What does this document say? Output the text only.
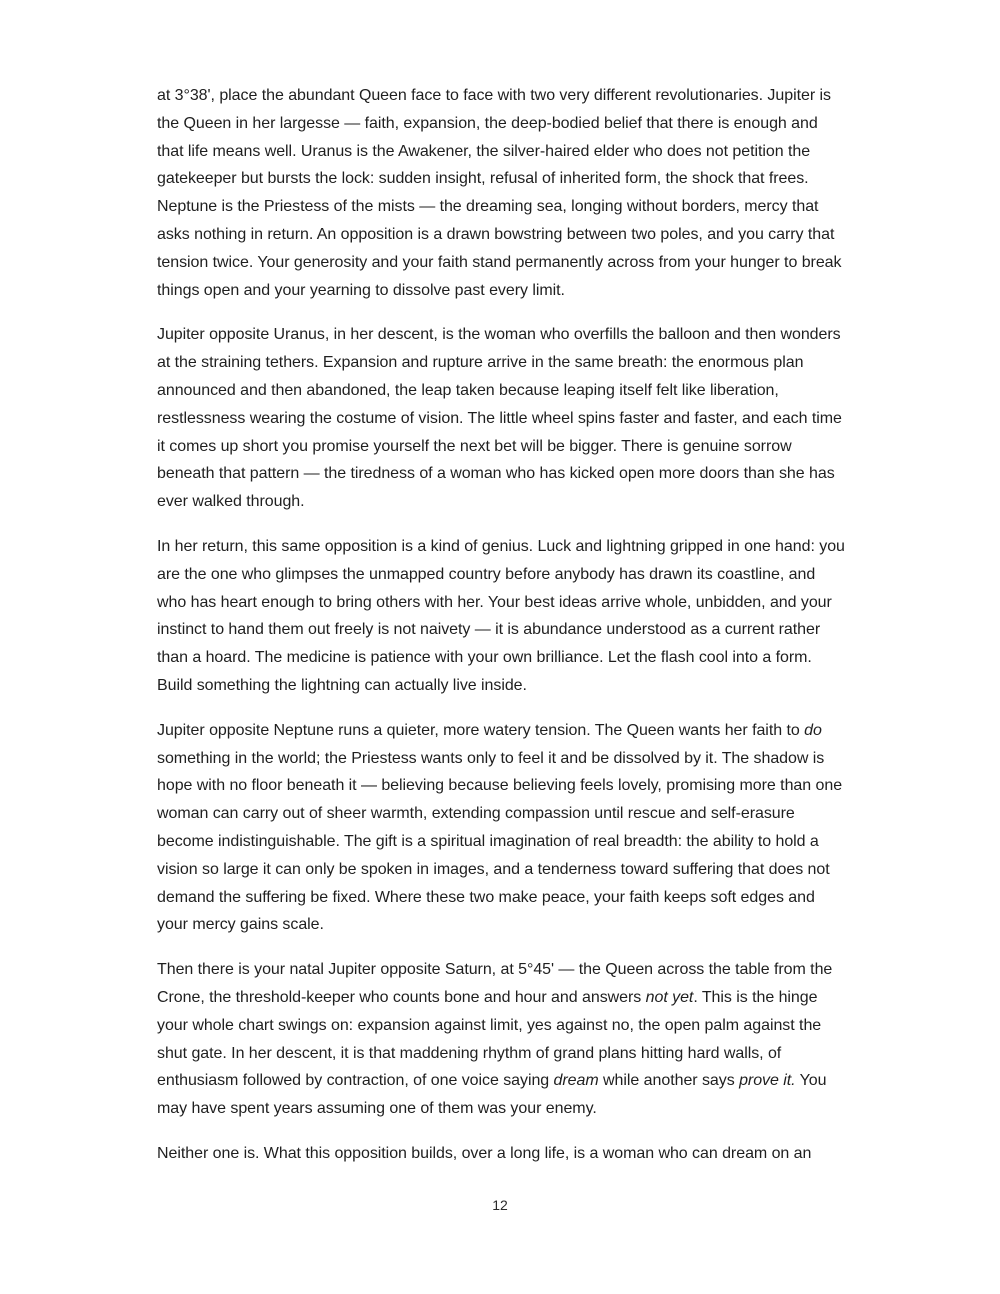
at 3°38', place the abundant Queen face to face with two very different revolutionaries. Jupiter is the Queen in her largesse — faith, expansion, the deep-bodied belief that there is enough and that life means well. Uranus is the Awakener, the silver-haired elder who does not petition the gatekeeper but bursts the lock: sudden insight, refusal of inherited form, the shock that frees. Neptune is the Priestess of the mists — the dreaming sea, longing without borders, mercy that asks nothing in return. An opposition is a drawn bowstring between two poles, and you carry that tension twice. Your generosity and your faith stand permanently across from your hunger to break things open and your yearning to dissolve past every limit.

Jupiter opposite Uranus, in her descent, is the woman who overfills the balloon and then wonders at the straining tethers. Expansion and rupture arrive in the same breath: the enormous plan announced and then abandoned, the leap taken because leaping itself felt like liberation, restlessness wearing the costume of vision. The little wheel spins faster and faster, and each time it comes up short you promise yourself the next bet will be bigger. There is genuine sorrow beneath that pattern — the tiredness of a woman who has kicked open more doors than she has ever walked through.

In her return, this same opposition is a kind of genius. Luck and lightning gripped in one hand: you are the one who glimpses the unmapped country before anybody has drawn its coastline, and who has heart enough to bring others with her. Your best ideas arrive whole, unbidden, and your instinct to hand them out freely is not naivety — it is abundance understood as a current rather than a hoard. The medicine is patience with your own brilliance. Let the flash cool into a form. Build something the lightning can actually live inside.

Jupiter opposite Neptune runs a quieter, more watery tension. The Queen wants her faith to do something in the world; the Priestess wants only to feel it and be dissolved by it. The shadow is hope with no floor beneath it — believing because believing feels lovely, promising more than one woman can carry out of sheer warmth, extending compassion until rescue and self-erasure become indistinguishable. The gift is a spiritual imagination of real breadth: the ability to hold a vision so large it can only be spoken in images, and a tenderness toward suffering that does not demand the suffering be fixed. Where these two make peace, your faith keeps soft edges and your mercy gains scale.

Then there is your natal Jupiter opposite Saturn, at 5°45' — the Queen across the table from the Crone, the threshold-keeper who counts bone and hour and answers not yet. This is the hinge your whole chart swings on: expansion against limit, yes against no, the open palm against the shut gate. In her descent, it is that maddening rhythm of grand plans hitting hard walls, of enthusiasm followed by contraction, of one voice saying dream while another says prove it. You may have spent years assuming one of them was your enemy.

Neither one is. What this opposition builds, over a long life, is a woman who can dream on an

12
